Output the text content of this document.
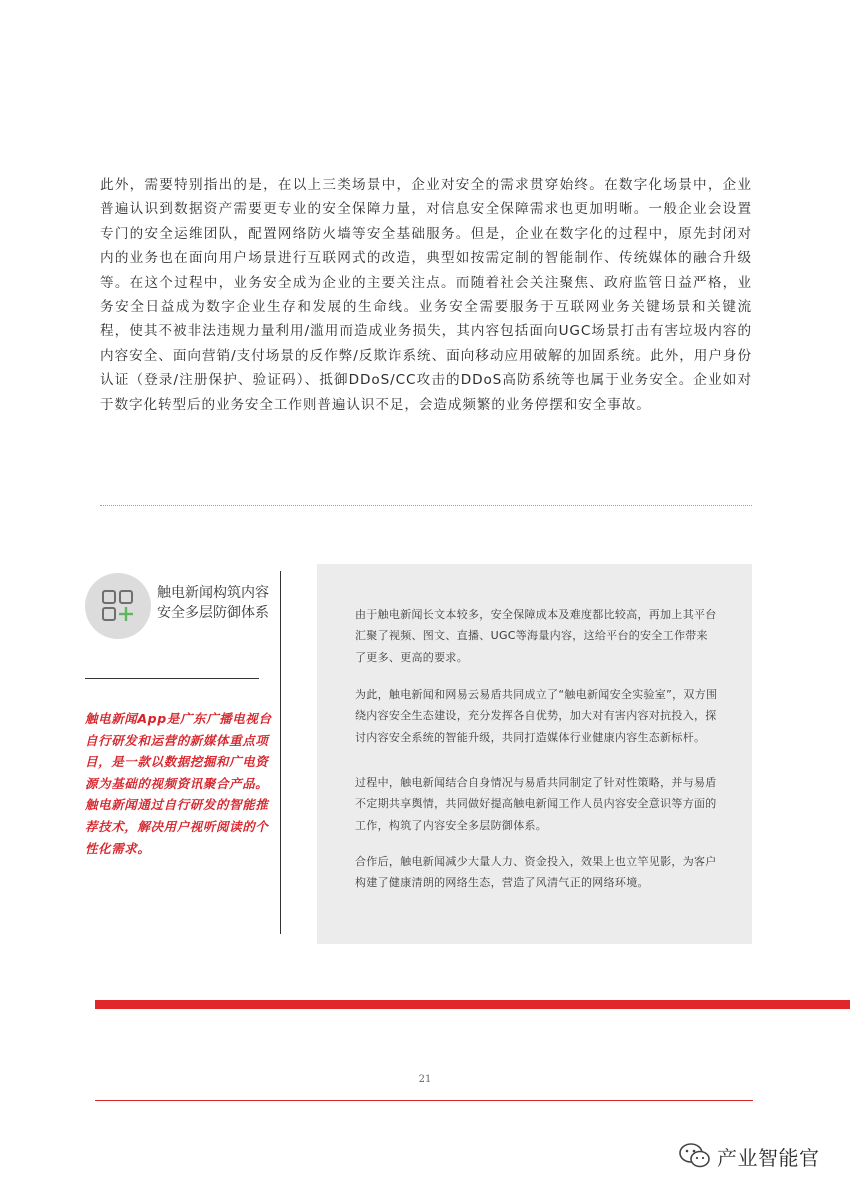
此外，需要特别指出的是，在以上三类场景中，企业对安全的需求贯穿始终。在数字化场景中，企业普遍认识到数据资产需要更专业的安全保障力量，对信息安全保障需求也更加明晰。一般企业会设置专门的安全运维团队，配置网络防火墙等安全基础服务。但是，企业在数字化的过程中，原先封闭对内的业务也在面向用户场景进行互联网式的改造，典型如按需定制的智能制作、传统媒体的融合升级等。在这个过程中，业务安全成为企业的主要关注点。而随着社会关注聚焦、政府监管日益严格，业务安全日益成为数字企业生存和发展的生命线。业务安全需要服务于互联网业务关键场景和关键流程，使其不被非法违规力量利用/滥用而造成业务损失，其内容包括面向UGC场景打击有害垃圾内容的内容安全、面向营销/支付场景的反作弊/反欺诈系统、面向移动应用破解的加固系统。此外，用户身份认证（登录/注册保护、验证码）、抵御DDoS/CC攻击的DDoS高防系统等也属于业务安全。企业如对于数字化转型后的业务安全工作则普遍认识不足，会造成频繁的业务停摆和安全事故。

触电新闻构筑内容安全多层防御体系

触电新闻App是广东广播电视台自行研发和运营的新媒体重点项目，是一款以数据挖掘和广电资源为基础的视频资讯聚合产品。触电新闻通过自行研发的智能推荐技术，解决用户视听阅读的个性化需求。

由于触电新闻长文本较多，安全保障成本及难度都比较高，再加上其平台汇聚了视频、图文、直播、UGC等海量内容，这给平台的安全工作带来了更多、更高的要求。

为此，触电新闻和网易云易盾共同成立了“触电新闻安全实验室”，双方围绕内容安全生态建设，充分发挥各自优势，加大对有害内容对抗投入，探讨内容安全系统的智能升级，共同打造媒体行业健康内容生态新标杆。

过程中，触电新闻结合自身情况与易盾共同制定了针对性策略，并与易盾不定期共享舆情，共同做好提高触电新闻工作人员内容安全意识等方面的工作，构筑了内容安全多层防御体系。

合作后，触电新闻减少大量人力、资金投入，效果上也立竿见影，为客户构建了健康清朗的网络生态，营造了风清气正的网络环境。

21
产业智能官
